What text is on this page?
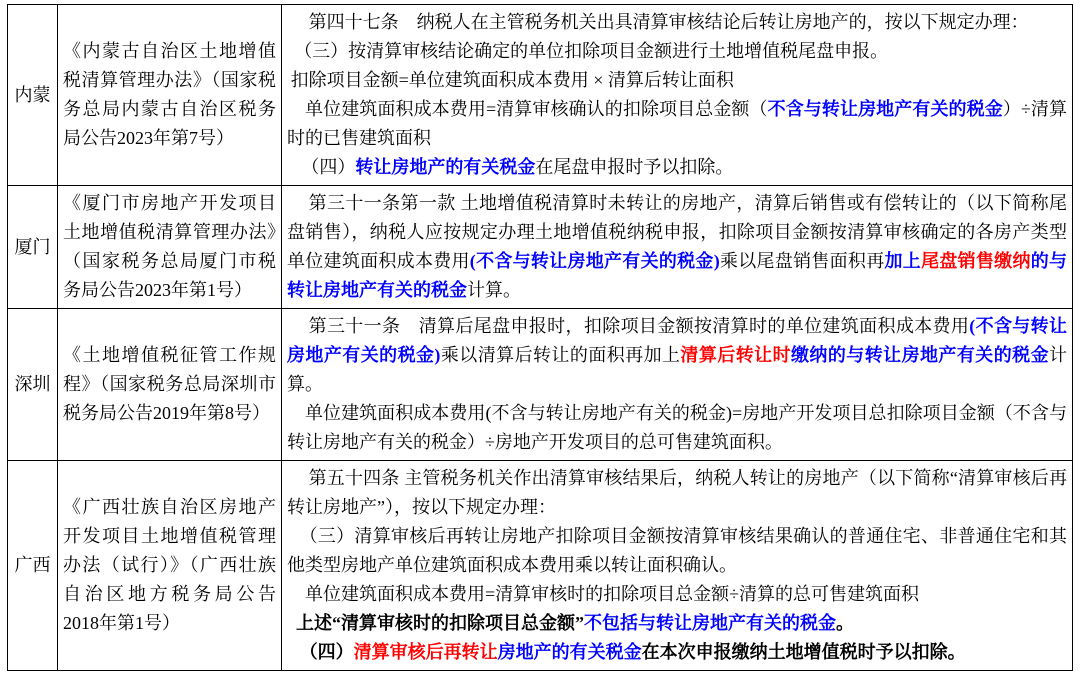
内蒙	《内蒙古自治区土地增值税清算管理办法》（国家税务总局内蒙古自治区税务局公告2023年第7号）	第四十七条　纳税人在主管税务机关出具清算审核结论后转让房地产的，按以下规定办理：
（三）按清算审核结论确定的单位扣除项目金额进行土地增值税尾盘申报。
扣除项目金额=单位建筑面积成本费用 × 清算后转让面积
单位建筑面积成本费用=清算审核确认的扣除项目总金额（不含与转让房地产有关的税金）÷清算时的已售建筑面积
（四）转让房地产的有关税金在尾盘申报时予以扣除。

厦门	《厦门市房地产开发项目土地增值税清算管理办法》（国家税务总局厦门市税务局公告2023年第1号）	第三十一条第一款 土地增值税清算时未转让的房地产，清算后销售或有偿转让的（以下简称尾盘销售），纳税人应按规定办理土地增值税纳税申报，扣除项目金额按清算审核确定的各房产类型单位建筑面积成本费用(不含与转让房地产有关的税金)乘以尾盘销售面积再加上尾盘销售缴纳的与转让房地产有关的税金计算。

深圳	《土地增值税征管工作规程》（国家税务总局深圳市税务局公告2019年第8号）	第三十一条　清算后尾盘申报时，扣除项目金额按清算时的单位建筑面积成本费用(不含与转让房地产有关的税金)乘以清算后转让的面积再加上清算后转让时缴纳的与转让房地产有关的税金计算。
单位建筑面积成本费用(不含与转让房地产有关的税金)=房地产开发项目总扣除项目金额（不含与转让房地产有关的税金）÷房地产开发项目的总可售建筑面积。

广西	《广西壮族自治区房地产开发项目土地增值税管理办法（试行）》（广西壮族自治区地方税务局公告2018年第1号）	第五十四条 主管税务机关作出清算审核结果后，纳税人转让的房地产（以下简称“清算审核后再转让房地产”），按以下规定办理：
（三）清算审核后再转让房地产扣除项目金额按清算审核结果确认的普通住宅、非普通住宅和其他类型房地产单位建筑面积成本费用乘以转让面积确认。
单位建筑面积成本费用=清算审核时的扣除项目总金额÷清算的总可售建筑面积
上述“清算审核时的扣除项目总金额”不包括与转让房地产有关的税金。
（四）清算审核后再转让房地产的有关税金在本次申报缴纳土地增值税时予以扣除。
